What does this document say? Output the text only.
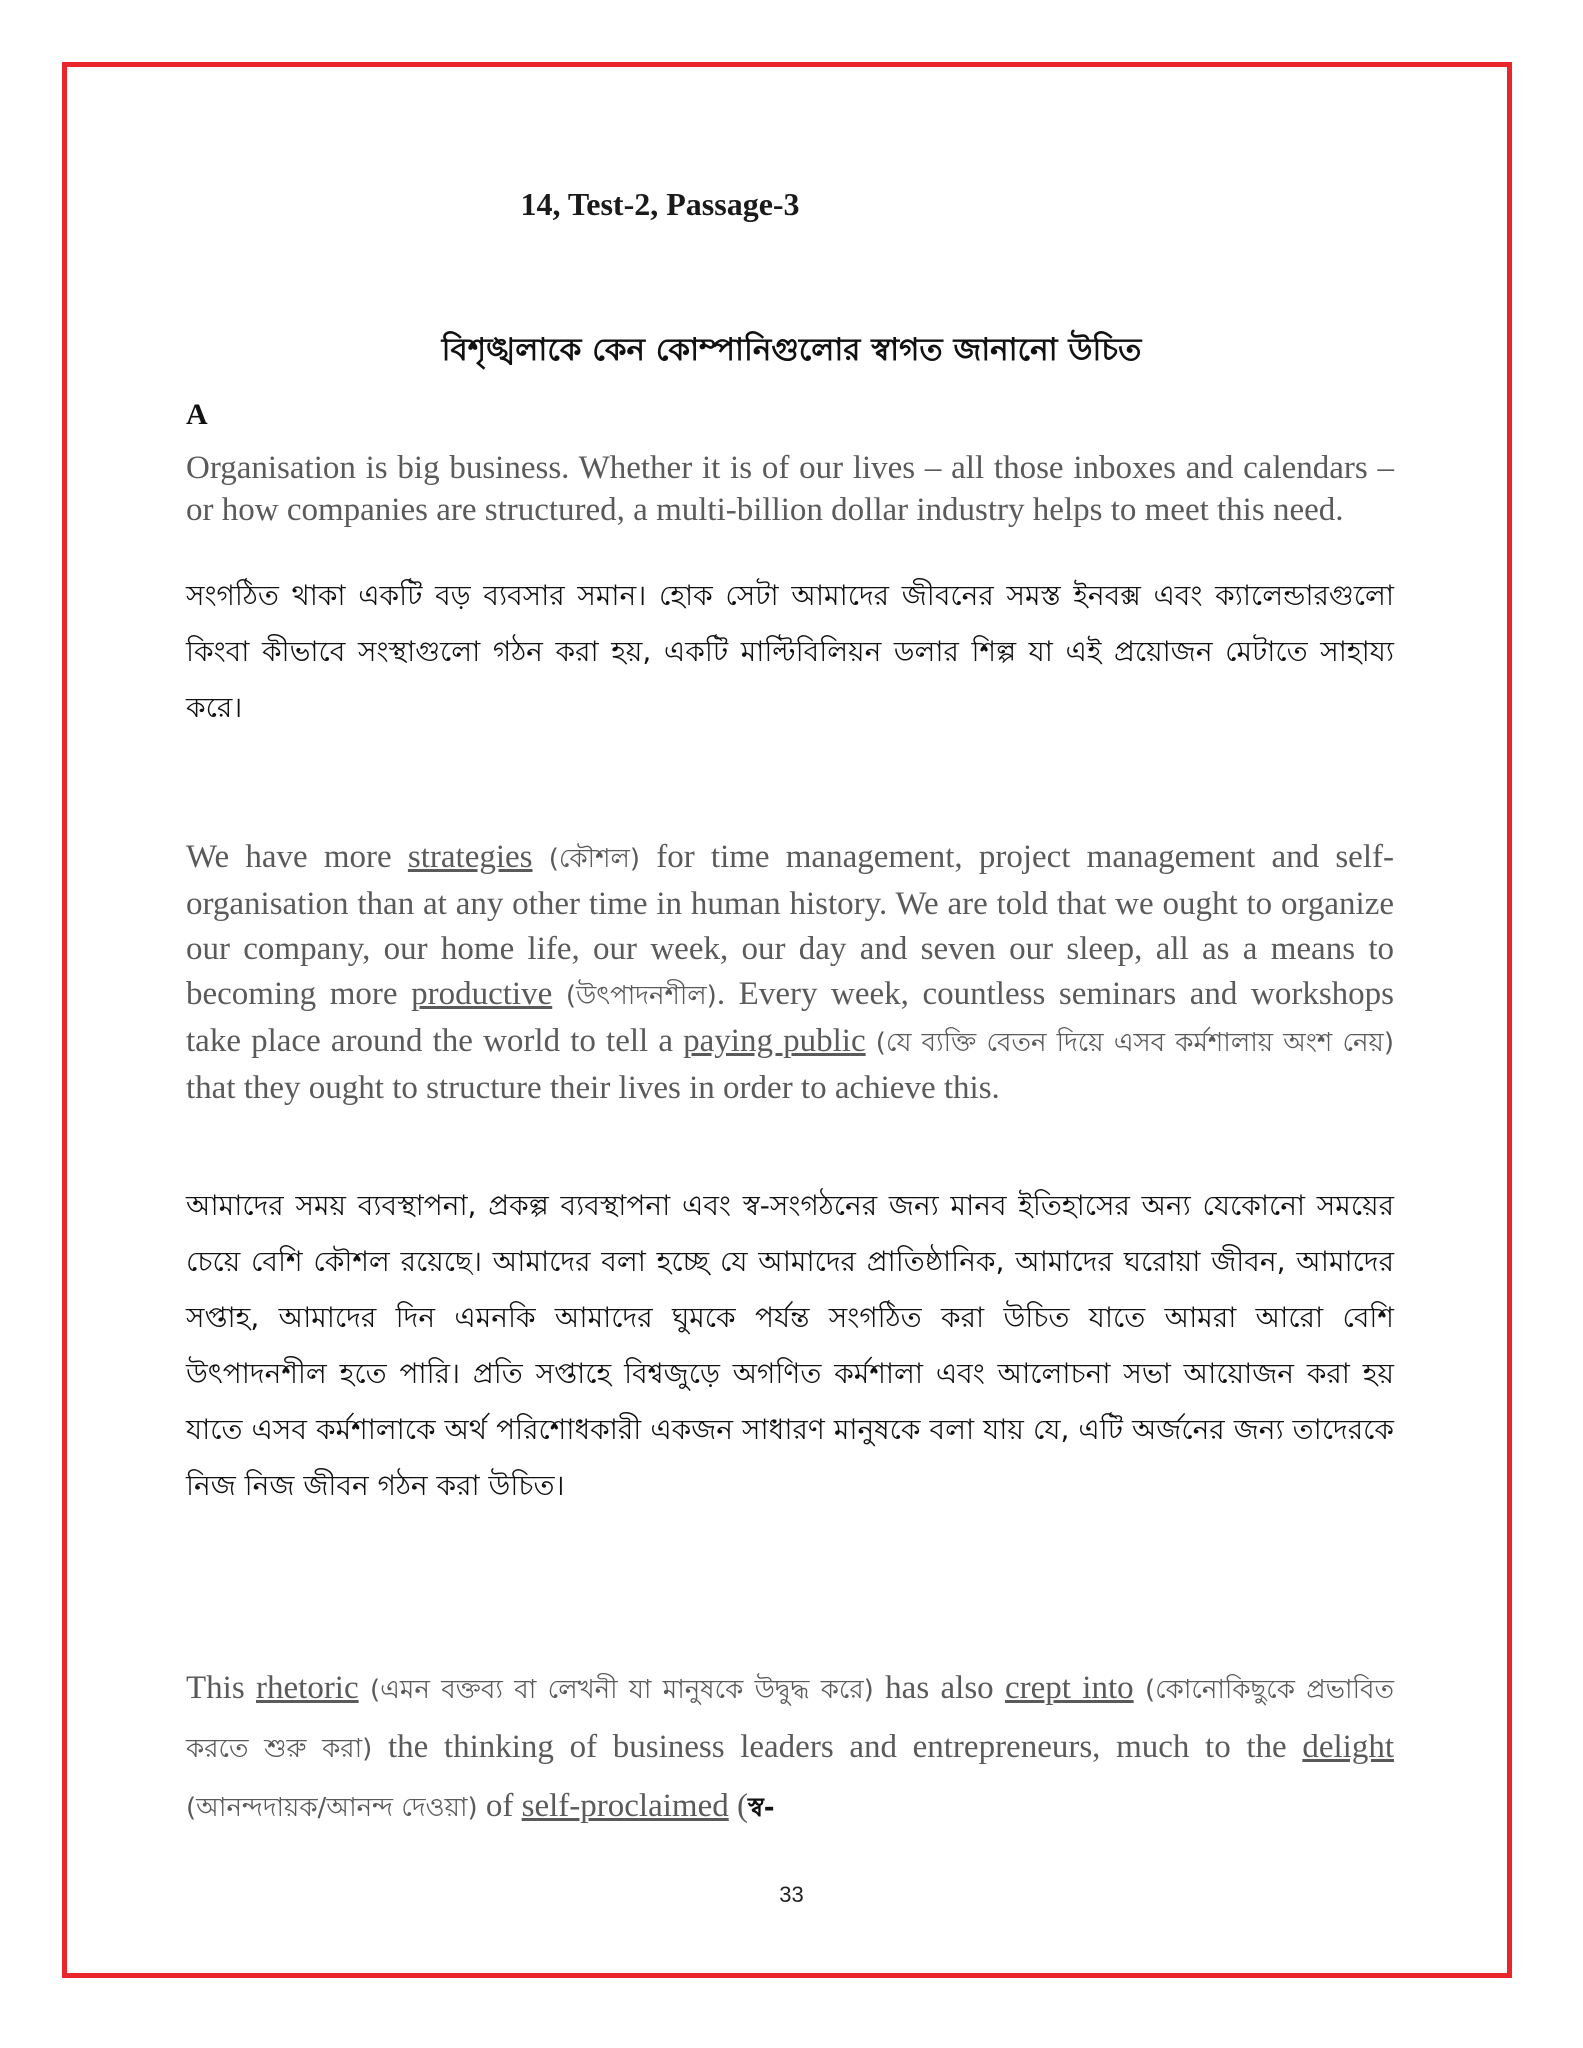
14, Test-2, Passage-3
বিশৃঙ্খলাকে কেন কোম্পানিগুলোর স্বাগত জানানো উচিত
A
Organisation is big business. Whether it is of our lives – all those inboxes and calendars – or how companies are structured, a multi-billion dollar industry helps to meet this need.
সংগঠিত থাকা একটি বড় ব্যবসার সমান। হোক সেটা আমাদের জীবনের সমস্ত ইনবক্স এবং ক্যালেন্ডারগুলো কিংবা কীভাবে সংস্থাগুলো গঠন করা হয়, একটি মাল্টিবিলিয়ন ডলার শিল্প যা এই প্রয়োজন মেটাতে সাহায্য করে।
We have more strategies (কৌশল) for time management, project management and self-organisation than at any other time in human history. We are told that we ought to organize our company, our home life, our week, our day and seven our sleep, all as a means to becoming more productive (উৎপাদনশীল). Every week, countless seminars and workshops take place around the world to tell a paying public (যে ব্যক্তি বেতন দিয়ে এসব কর্মশালায় অংশ নেয়) that they ought to structure their lives in order to achieve this.
আমাদের সময় ব্যবস্থাপনা, প্রকল্প ব্যবস্থাপনা এবং স্ব-সংগঠনের জন্য মানব ইতিহাসের অন্য যেকোনো সময়ের চেয়ে বেশি কৌশল রয়েছে। আমাদের বলা হচ্ছে যে আমাদের প্রাতিষ্ঠানিক, আমাদের ঘরোয়া জীবন, আমাদের সপ্তাহ, আমাদের দিন এমনকি আমাদের ঘুমকে পর্যন্ত সংগঠিত করা উচিত যাতে আমরা আরো বেশি উৎপাদনশীল হতে পারি। প্রতি সপ্তাহে বিশ্বজুড়ে অগণিত কর্মশালা এবং আলোচনা সভা আয়োজন করা হয় যাতে এসব কর্মশালাকে অর্থ পরিশোধকারী একজন সাধারণ মানুষকে বলা যায় যে, এটি অর্জনের জন্য তাদেরকে নিজ নিজ জীবন গঠন করা উচিত।
This rhetoric (এমন বক্তব্য বা লেখনী যা মানুষকে উদ্বুদ্ধ করে) has also crept into (কোনোকিছুকে প্রভাবিত করতে শুরু করা) the thinking of business leaders and entrepreneurs, much to the delight (আনন্দদায়ক/আনন্দ দেওয়া) of self-proclaimed (স্ব-
33
